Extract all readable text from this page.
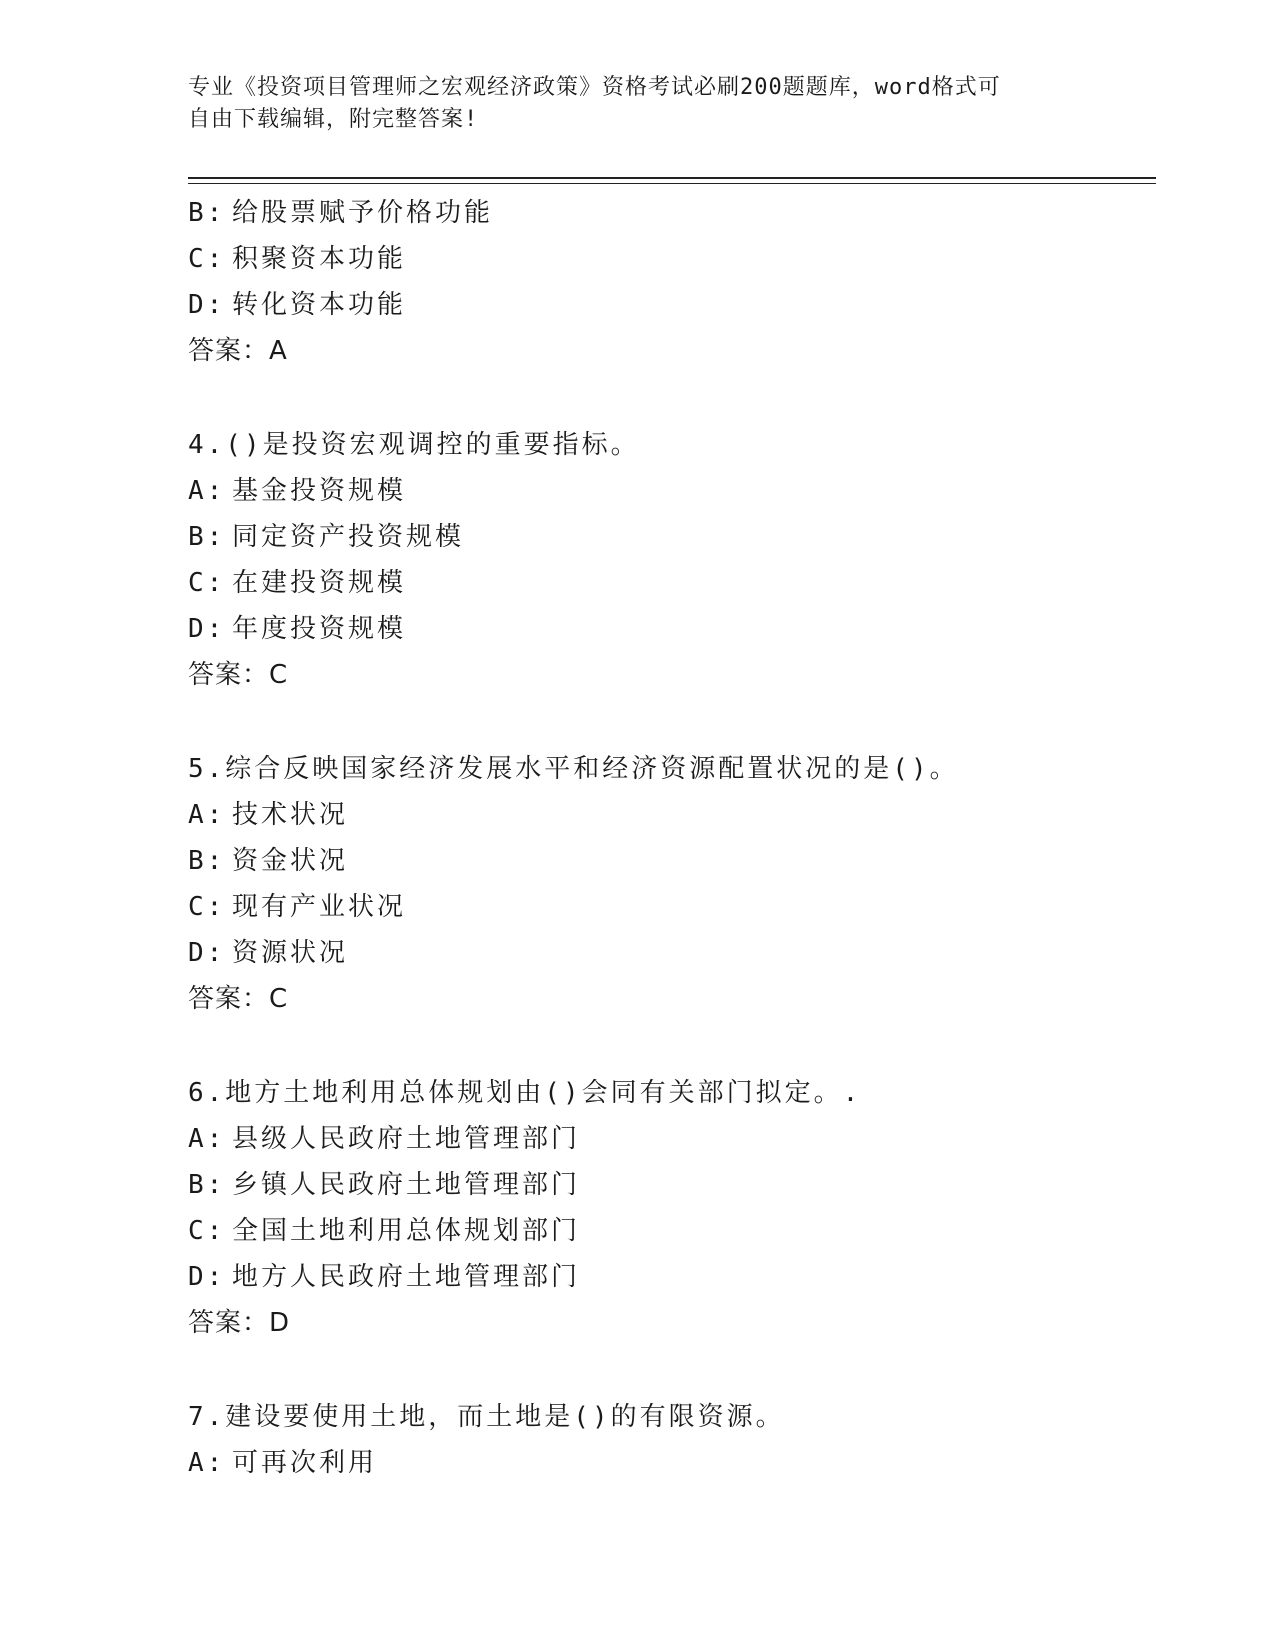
专业《投资项目管理师之宏观经济政策》资格考试必刷200题题库，word格式可
自由下载编辑，附完整答案!
B: 给股票赋予价格功能
C: 积聚资本功能
D: 转化资本功能
答案：A
4.()是投资宏观调控的重要指标。
A: 基金投资规模
B: 同定资产投资规模
C: 在建投资规模
D: 年度投资规模
答案：C
5.综合反映国家经济发展水平和经济资源配置状况的是()。
A: 技术状况
B: 资金状况
C: 现有产业状况
D: 资源状况
答案：C
6.地方土地利用总体规划由()会同有关部门拟定。.
A: 县级人民政府土地管理部门
B: 乡镇人民政府土地管理部门
C: 全国土地利用总体规划部门
D: 地方人民政府土地管理部门
答案：D
7.建设要使用土地，而土地是()的有限资源。
A: 可再次利用
